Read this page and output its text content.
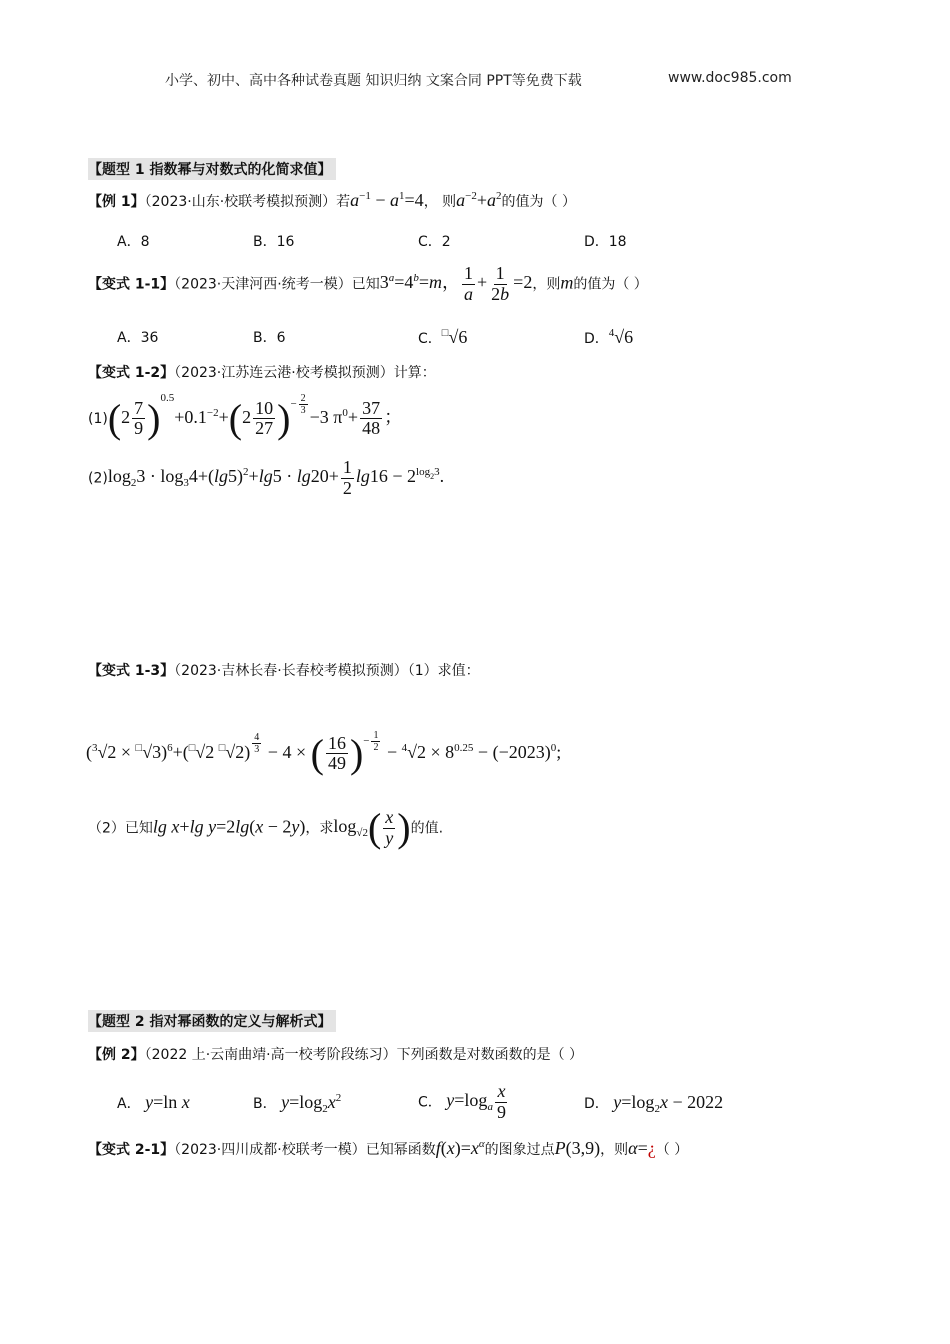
小学、初中、高中各种试卷真题 知识归纳 文案合同 PPT等免费下载	www.doc985.com
【题型 1 指数幂与对数式的化简求值】
【例 1】（2023·山东·校联考模拟预测）若$a^{-1} - a^1=4$， 则$a^{-2}+a^2$的值为（ ）
A．8	B．16	C．2	D．18
【变式 1-1】（2023·天津河西·统考一模）已知$3^a=4^b=m$， $\frac{1}{a} + \frac{1}{2b} =2$，则m的值为（ ）
A．36	B．6	C．□√6	D．$^4$√6
【变式 1-2】（2023·江苏连云港·校考模拟预测）计算：
$(1)(2 \frac{7}{9} )^{0.5}+0.1^{-2}+(2 \frac{10}{27} )^{- \frac{2}{3}}$
−3 $\pi^0+ \frac{37}{48}$ ；
$(2)\log_23 \cdot \log_34+(\lg 5)^2+\lg 5 \cdot \lg 20+ \frac{1}{2} \lg 16 - 2^{log_23}$.
【变式 1-3】（2023·吉林长春·长春校考模拟预测）（1）求值：
$(^3√2 \times ^□√3)^6+(^□√2$ □√2) $^{\frac{4}{3}}$ − 4 × ( $\frac{16}{49} )^{- \frac{1}{2}} - ^4√2 \times 8^{0.25} - (-2023)^0$;
（2）已知lg x+lg y=2lg(x − 2y)，求$\log_{√2}( \frac{x}{y}$ )的值.
【题型 2 指对幂函数的定义与解析式】
【例 2】（2022 上·云南曲靖·高一校考阶段练习）下列函数是对数函数的是（ ）
A． y=ln x	B． $y=\log_2x^2$	C． $y=\log_a \frac{x}{9}$	D． $y=\log_2x - 2022$
【变式 2-1】（2023·四川成都·校联考一模）已知幂函数$f(x)=x^\alpha$的图象过点P(3,9)，则α=¿（ ）
